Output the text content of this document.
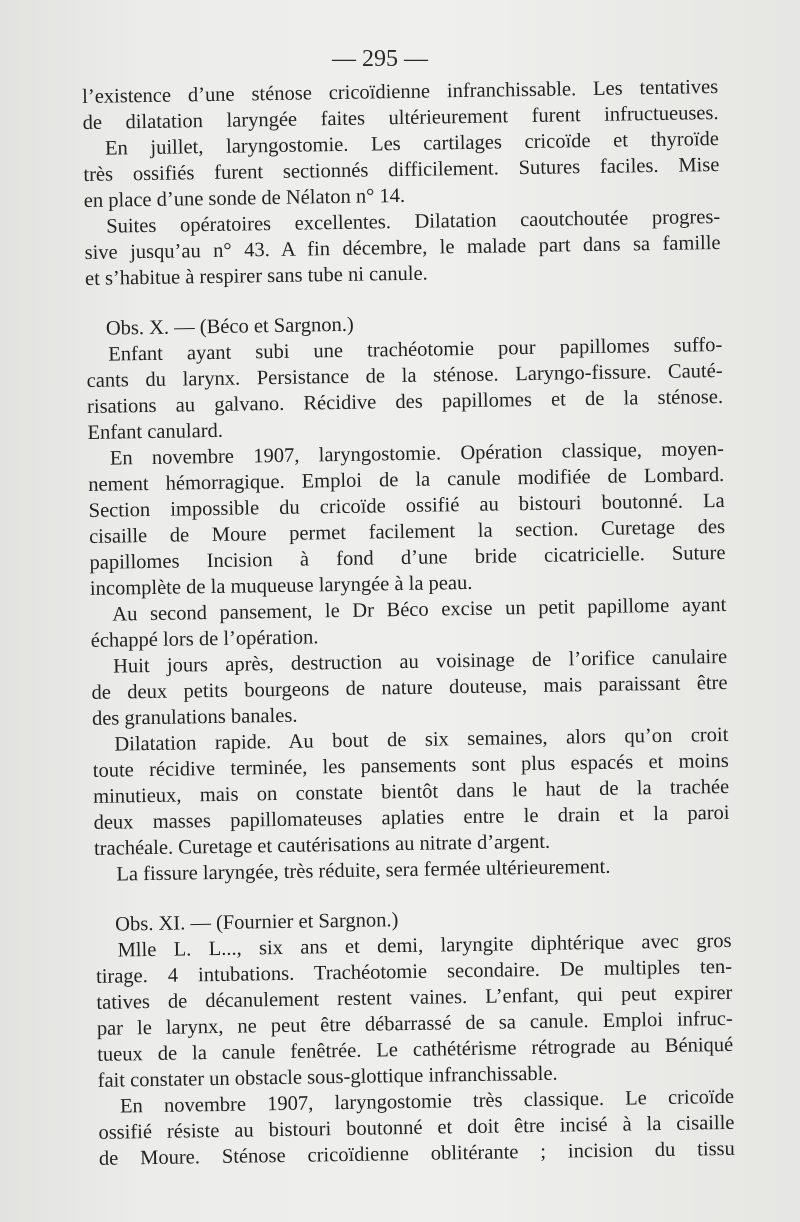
— 295 —
l’existence d’une sténose cricoïdienne infranchissable. Les tentatives
de dilatation laryngée faites ultérieurement furent infructueuses.
En juillet, laryngostomie. Les cartilages cricoïde et thyroïde
très ossifiés furent sectionnés difficilement. Sutures faciles. Mise
en place d’une sonde de Nélaton n° 14.
Suites opératoires excellentes. Dilatation caoutchoutée progres-
sive jusqu’au n° 43. A fin décembre, le malade part dans sa famille
et s’habitue à respirer sans tube ni canule.
Obs. X. — (Béco et Sargnon.)
Enfant ayant subi une trachéotomie pour papillomes suffo-
cants du larynx. Persistance de la sténose. Laryngo-fissure. Cauté-
risations au galvano. Récidive des papillomes et de la sténose.
Enfant canulard.
En novembre 1907, laryngostomie. Opération classique, moyen-
nement hémorragique. Emploi de la canule modifiée de Lombard.
Section impossible du cricoïde ossifié au bistouri boutonné. La
cisaille de Moure permet facilement la section. Curetage des
papillomes Incision à fond d’une bride cicatricielle. Suture
incomplète de la muqueuse laryngée à la peau.
Au second pansement, le Dr Béco excise un petit papillome ayant
échappé lors de l’opération.
Huit jours après, destruction au voisinage de l’orifice canulaire
de deux petits bourgeons de nature douteuse, mais paraissant être
des granulations banales.
Dilatation rapide. Au bout de six semaines, alors qu’on croit
toute récidive terminée, les pansements sont plus espacés et moins
minutieux, mais on constate bientôt dans le haut de la trachée
deux masses papillomateuses aplaties entre le drain et la paroi
trachéale. Curetage et cautérisations au nitrate d’argent.
La fissure laryngée, très réduite, sera fermée ultérieurement.
Obs. XI. — (Fournier et Sargnon.)
Mlle L. L..., six ans et demi, laryngite diphtérique avec gros
tirage. 4 intubations. Trachéotomie secondaire. De multiples ten-
tatives de décanulement restent vaines. L’enfant, qui peut expirer
par le larynx, ne peut être débarrassé de sa canule. Emploi infruc-
tueux de la canule fenêtrée. Le cathétérisme rétrograde au Béniqué
fait constater un obstacle sous-glottique infranchissable.
En novembre 1907, laryngostomie très classique. Le cricoïde
ossifié résiste au bistouri boutonné et doit être incisé à la cisaille
de Moure. Sténose cricoïdienne oblitérante ; incision du tissu
